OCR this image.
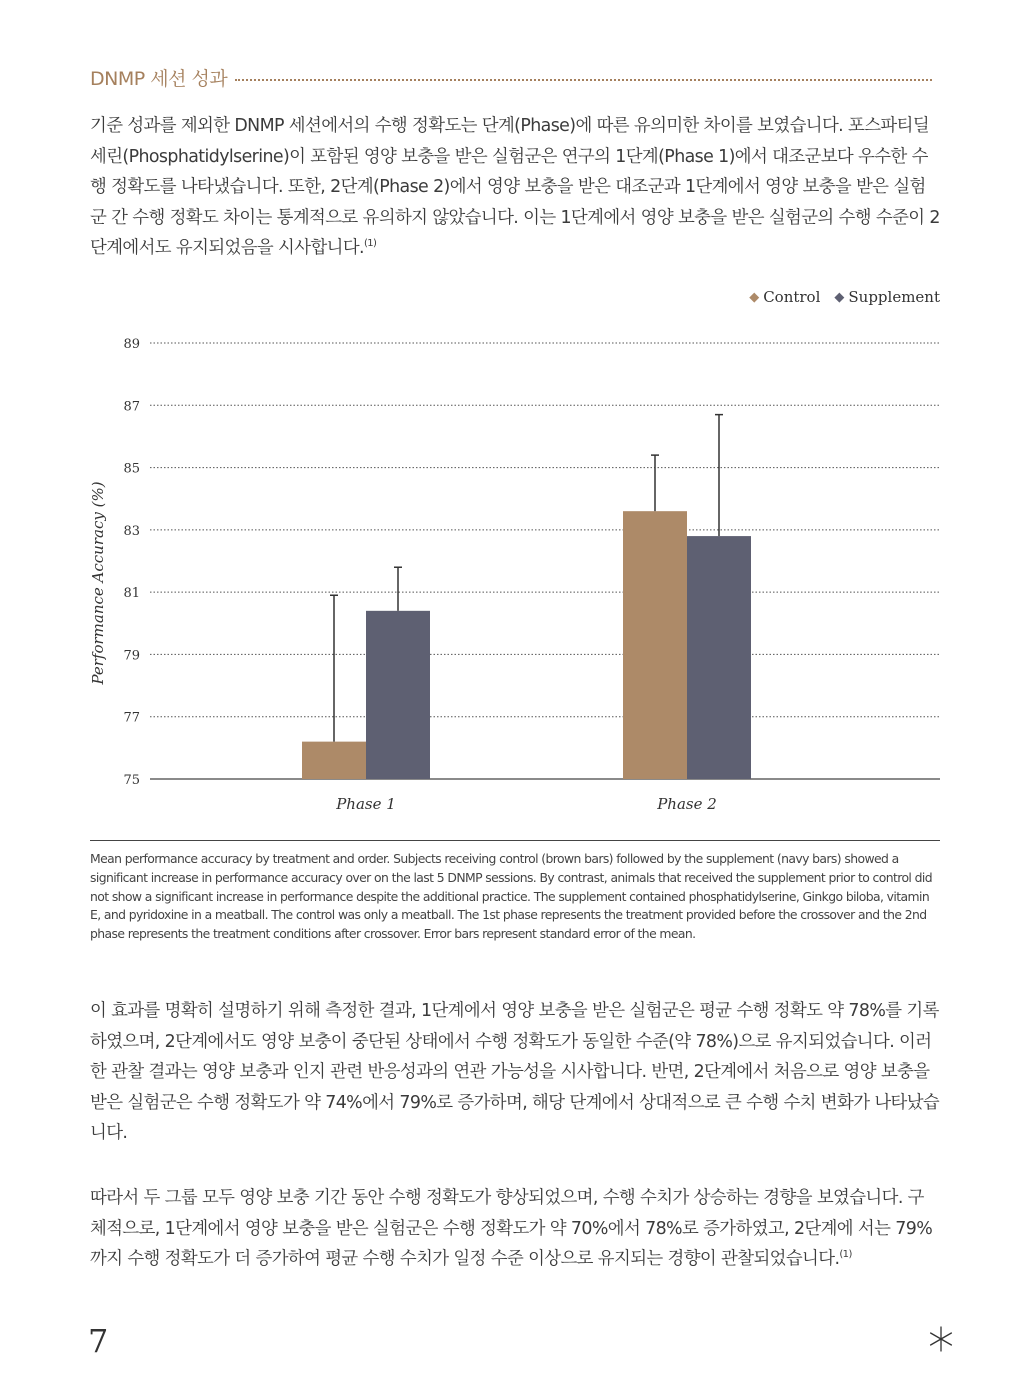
DNMP 세션 성과
기준 성과를 제외한 DNMP 세션에서의 수행 정확도는 단계(Phase)에 따른 유의미한 차이를 보였습니다. 포스파티딜세린(Phosphatidylserine)이 포함된 영양 보충을 받은 실험군은 연구의 1단계(Phase 1)에서 대조군보다 우수한 수행 정확도를 나타냈습니다. 또한, 2단계(Phase 2)에서 영양 보충을 받은 대조군과 1단계에서 영양 보충을 받은 실험군 간 수행 정확도 차이는 통계적으로 유의하지 않았습니다. 이는 1단계에서 영양 보충을 받은 실험군의 수행 수준이 2단계에서도 유지되었음을 시사합니다.$^{(1)}$
◆ Control ◆ Supplement
75
77
79
81
83
85
87
89
Performance Accuracy (%)
Phase 1	Phase 2
Mean performance accuracy by treatment and order. Subjects receiving control (brown bars) followed by the supplement (navy bars) showed a significant increase in performance accuracy over on the last 5 DNMP sessions. By contrast, animals that received the supplement prior to control did not show a significant increase in performance despite the additional practice. The supplement contained phosphatidylserine, Ginkgo biloba, vitamin E, and pyridoxine in a meatball. The control was only a meatball. The 1st phase represents the treatment provided before the crossover and the 2nd phase represents the treatment conditions after crossover. Error bars represent standard error of the mean.
이 효과를 명확히 설명하기 위해 측정한 결과, 1단계에서 영양 보충을 받은 실험군은 평균 수행 정확도 약 78%를 기록하였으며, 2단계에서도 영양 보충이 중단된 상태에서 수행 정확도가 동일한 수준(약 78%)으로 유지되었습니다. 이러한 관찰 결과는 영양 보충과 인지 관련 반응성과의 연관 가능성을 시사합니다. 반면, 2단계에서 처음으로 영양 보충을 받은 실험군은 수행 정확도가 약 74%에서 79%로 증가하며, 해당 단계에서 상대적으로 큰 수행 수치 변화가 나타났습니다.
따라서 두 그룹 모두 영양 보충 기간 동안 수행 정확도가 향상되었으며, 수행 수치가 상승하는 경향을 보였습니다. 구체적으로, 1단계에서 영양 보충을 받은 실험군은 수행 정확도가 약 70%에서 78%로 증가하였고, 2단계에 서는 79%까지 수행 정확도가 더 증가하여 평균 수행 수치가 일정 수준 이상으로 유지되는 경향이 관찰되었습니다.$^{(1)}$
7
